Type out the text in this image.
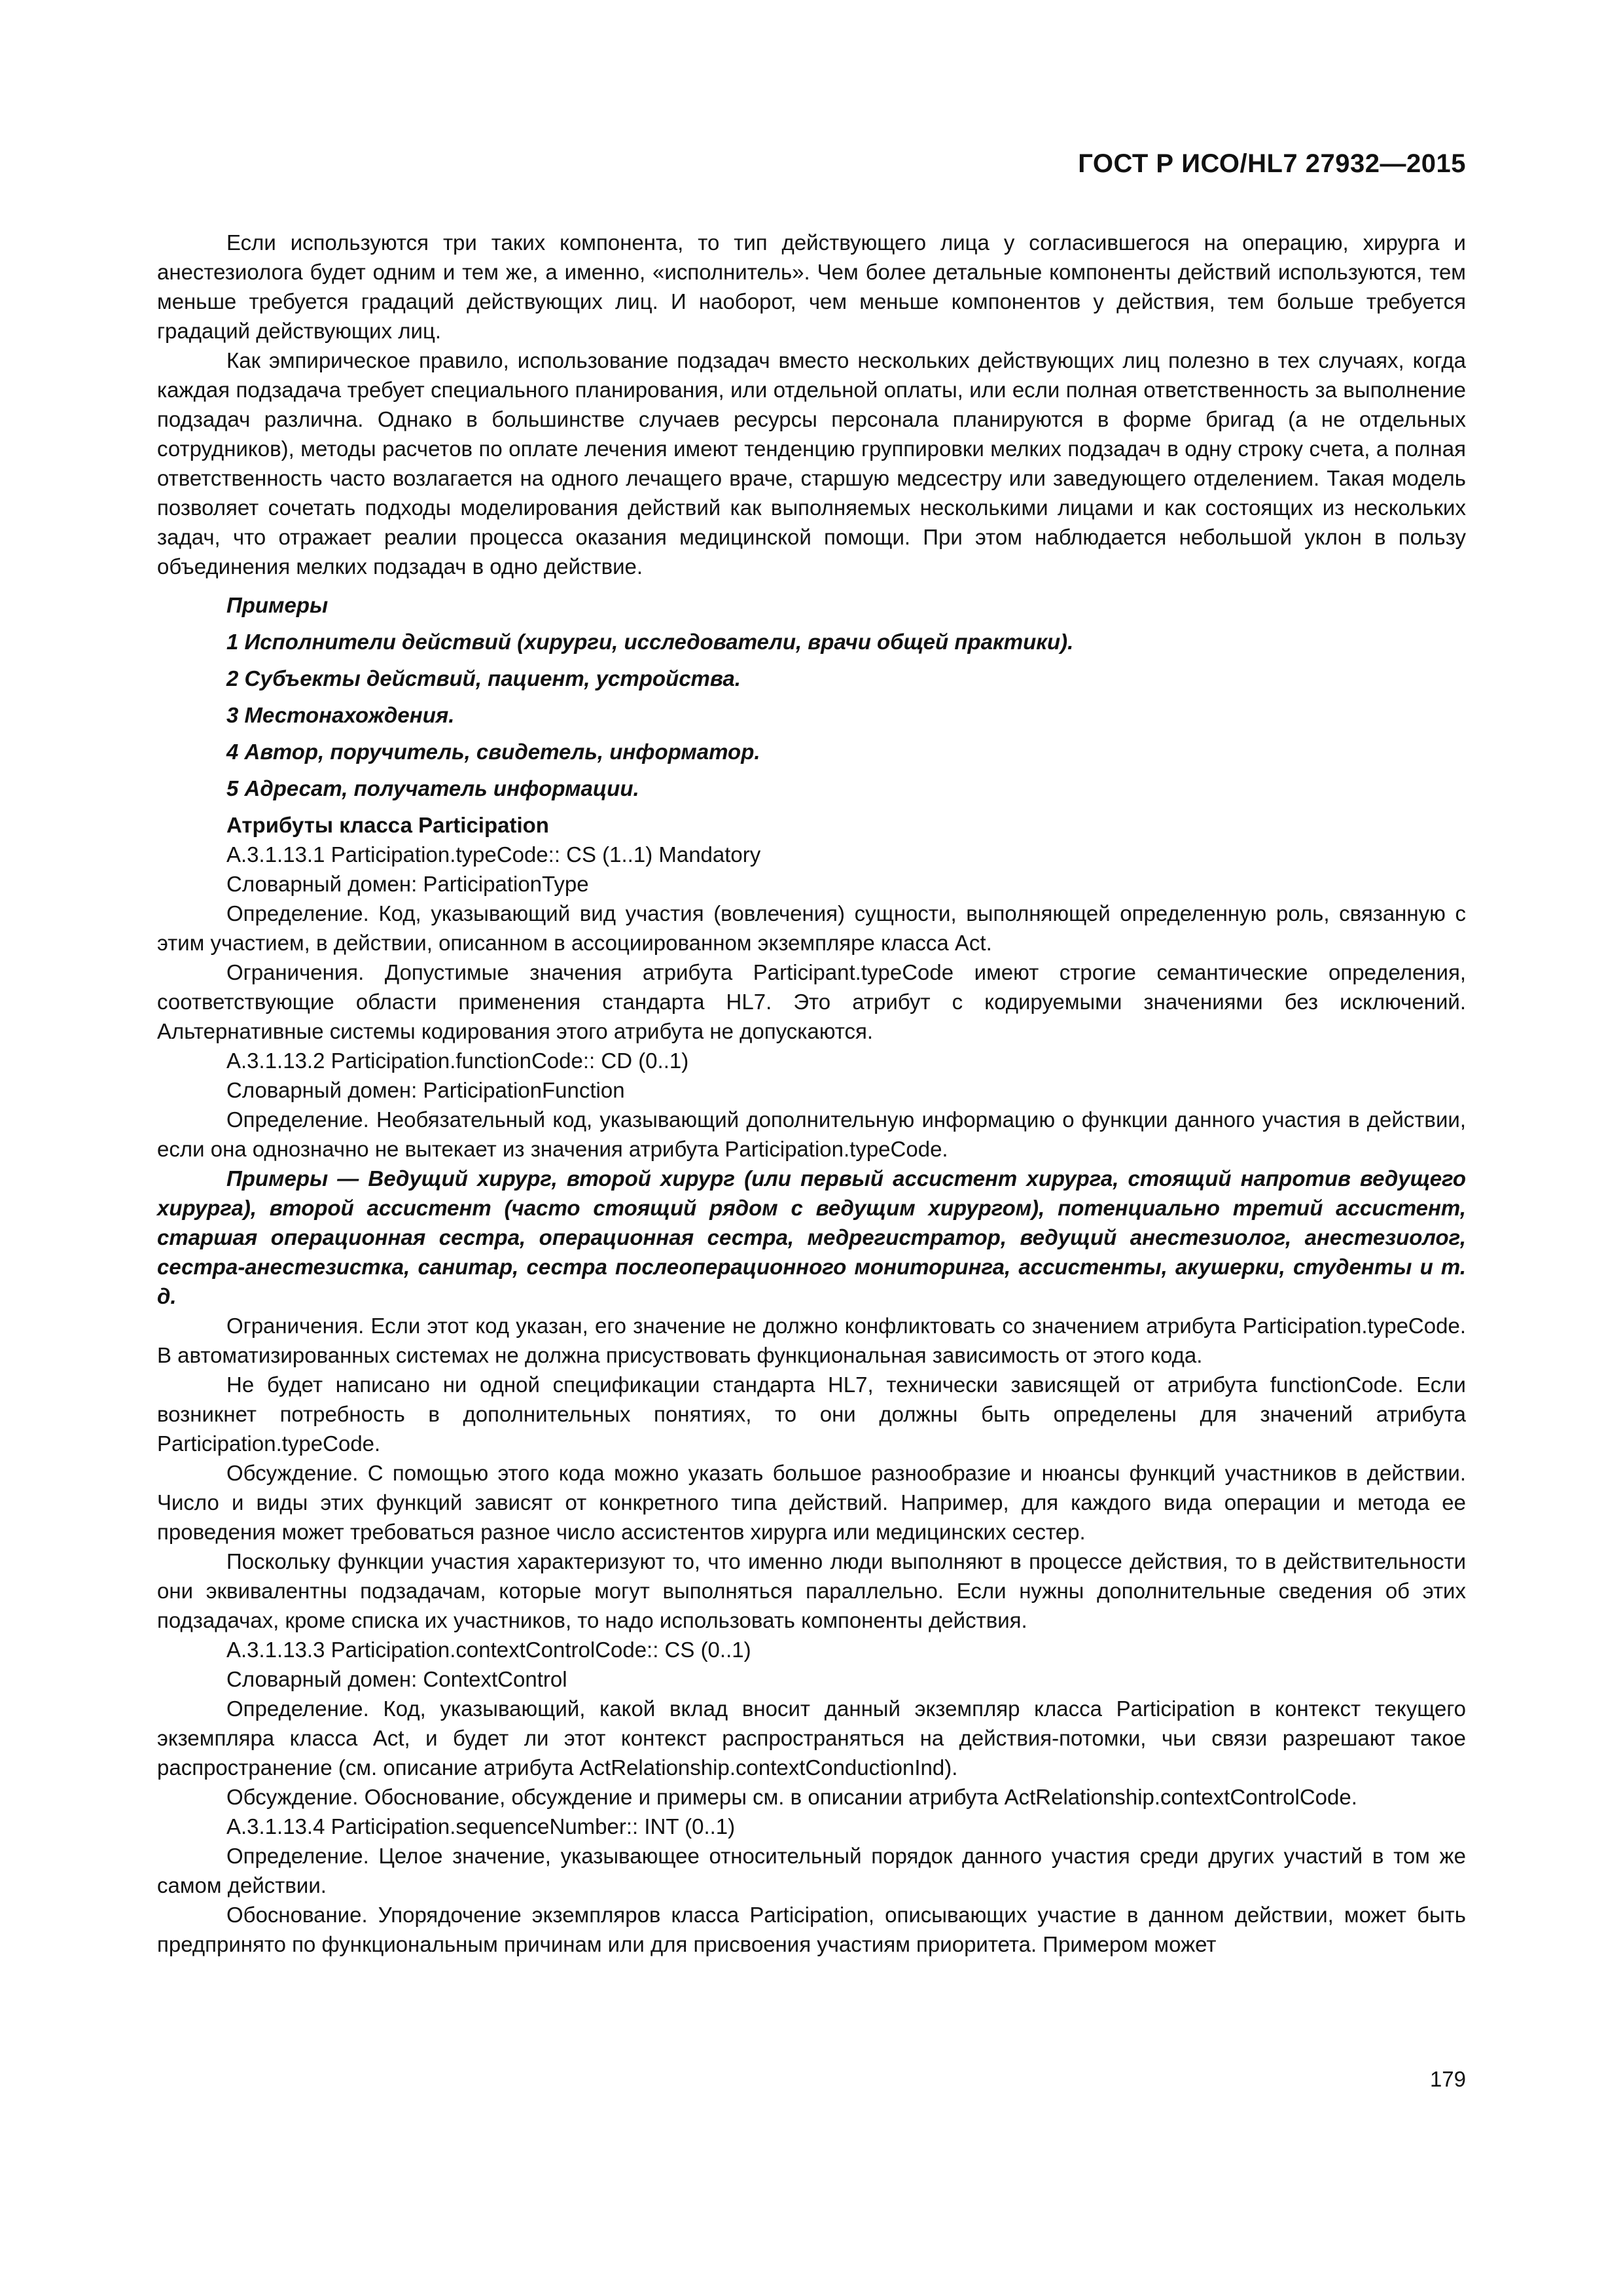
ГОСТ Р ИСО/HL7 27932—2015

Если используются три таких компонента, то тип действующего лица у согласившегося на операцию, хирурга и анестезиолога будет одним и тем же, а именно, «исполнитель». Чем более детальные компоненты действий используются, тем меньше требуется градаций действующих лиц. И наоборот, чем меньше компонентов у действия, тем больше требуется градаций действующих лиц.

Как эмпирическое правило, использование подзадач вместо нескольких действующих лиц полезно в тех случаях, когда каждая подзадача требует специального планирования, или отдельной оплаты, или если полная ответственность за выполнение подзадач различна. Однако в большинстве случаев ресурсы персонала планируются в форме бригад (а не отдельных сотрудников), методы расчетов по оплате лечения имеют тенденцию группировки мелких подзадач в одну строку счета, а полная ответственность часто возлагается на одного лечащего враче, старшую медсестру или заведующего отделением. Такая модель позволяет сочетать подходы моделирования действий как выполняемых несколькими лицами и как состоящих из нескольких задач, что отражает реалии процесса оказания медицинской помощи. При этом наблюдается небольшой уклон в пользу объединения мелких подзадач в одно действие.

Примеры
1 Исполнители действий (хирурги, исследователи, врачи общей практики).
2 Субъекты действий, пациент, устройства.
3 Местонахождения.
4 Автор, поручитель, свидетель, информатор.
5 Адресат, получатель информации.

Атрибуты класса Participation

A.3.1.13.1 Participation.typeCode:: CS (1..1) Mandatory

Словарный домен: ParticipationType

Определение. Код, указывающий вид участия (вовлечения) сущности, выполняющей определенную роль, связанную с этим участием, в действии, описанном в ассоциированном экземпляре класса Act.

Ограничения. Допустимые значения атрибута Participant.typeCode имеют строгие семантические определения, соответствующие области применения стандарта HL7. Это атрибут с кодируемыми значениями без исключений. Альтернативные системы кодирования этого атрибута не допускаются.

A.3.1.13.2 Participation.functionCode:: CD (0..1)

Словарный домен: ParticipationFunction

Определение. Необязательный код, указывающий дополнительную информацию о функции данного участия в действии, если она однозначно не вытекает из значения атрибута Participation.typeCode.

Примеры — Ведущий хирург, второй хирург (или первый ассистент хирурга, стоящий напротив ведущего хирурга), второй ассистент (часто стоящий рядом с ведущим хирургом), потенциально третий ассистент, старшая операционная сестра, операционная сестра, медрегистратор, ведущий анестезиолог, анестезиолог, сестра-анестезистка, санитар, сестра послеоперационного мониторинга, ассистенты, акушерки, студенты и т. д.

Ограничения. Если этот код указан, его значение не должно конфликтовать со значением атрибута Participation.typeCode. В автоматизированных системах не должна присуствовать функциональная зависимость от этого кода.

Не будет написано ни одной спецификации стандарта HL7, технически зависящей от атрибута functionCode. Если возникнет потребность в дополнительных понятиях, то они должны быть определены для значений атрибута Participation.typeCode.

Обсуждение. С помощью этого кода можно указать большое разнообразие и нюансы функций участников в действии. Число и виды этих функций зависят от конкретного типа действий. Например, для каждого вида операции и метода ее проведения может требоваться разное число ассистентов хирурга или медицинских сестер.

Поскольку функции участия характеризуют то, что именно люди выполняют в процессе действия, то в действительности они эквивалентны подзадачам, которые могут выполняться параллельно. Если нужны дополнительные сведения об этих подзадачах, кроме списка их участников, то надо использовать компоненты действия.

A.3.1.13.3 Participation.contextControlCode:: CS (0..1)

Словарный домен: ContextControl

Определение. Код, указывающий, какой вклад вносит данный экземпляр класса Participation в контекст текущего экземпляра класса Act, и будет ли этот контекст распространяться на действия-потомки, чьи связи разрешают такое распространение (см. описание атрибута ActRelationship.contextConductionInd).

Обсуждение. Обоснование, обсуждение и примеры см. в описании атрибута ActRelationship.contextControlCode.

A.3.1.13.4 Participation.sequenceNumber:: INT (0..1)

Определение. Целое значение, указывающее относительный порядок данного участия среди других участий в том же самом действии.

Обоснование. Упорядочение экземпляров класса Participation, описывающих участие в данном действии, может быть предпринято по функциональным причинам или для присвоения участиям приоритета. Примером может

179
